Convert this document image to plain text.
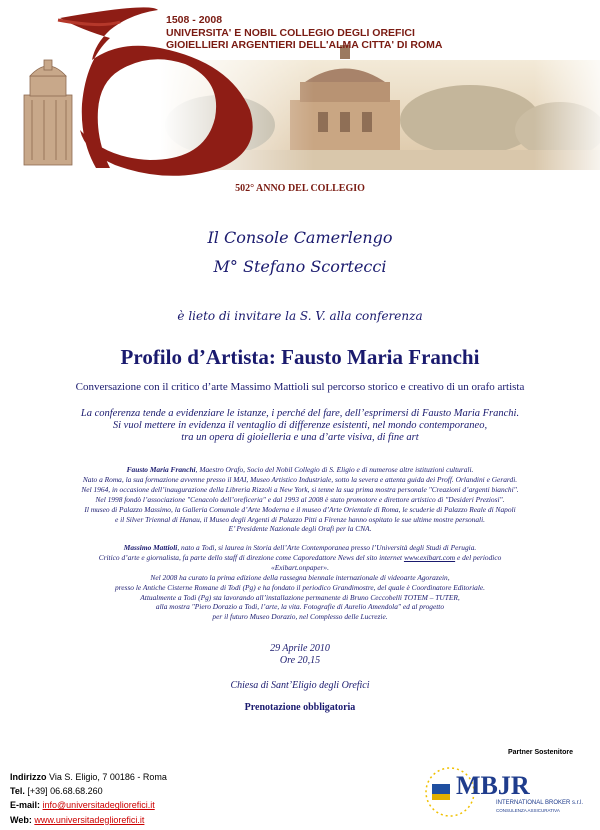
1508 - 2008
UNIVERSITA' E NOBIL COLLEGIO DEGLI OREFICI
GIOIELLIERI ARGENTIERI DELL'ALMA CITTA' DI ROMA
502° ANNO DEL COLLEGIO
Il Console Camerlengo
M° Stefano Scortecci
è lieto di invitare la S. V. alla conferenza
Profilo d’Artista: Fausto Maria Franchi
Conversazione con il critico d’arte Massimo Mattioli sul percorso storico e creativo di un orafo artista
La conferenza tende a evidenziare le istanze, i perché del fare, dell’esprimersi di Fausto Maria Franchi.
Si vuol mettere in evidenza il ventaglio di differenze esistenti, nel mondo contemporaneo,
tra un opera di gioielleria e una d’arte visiva, di fine art
Fausto Maria Franchi, Maestro Orafo, Socio del Nobil Collegio di S. Eligio e di numerose altre istituzioni culturali.
Nato a Roma, la sua formazione avvenne presso il MAI, Museo Artistico Industriale, sotto la severa e attenta guida dei Proff. Orlandini e Gerardi.
Nel 1964, in occasione dell’inaugurazione della Libreria Rizzoli a New York, si tenne la sua prima mostra personale "Creazioni d’argenti bianchi".
Nel 1998 fondò l’associazione "Cenacolo dell’oreficeria" e dal 1993 al 2008 è stato promotore e direttore artistico di "Desideri Preziosi".
Il museo di Palazzo Massimo, la Galleria Comunale d’Arte Moderna e il museo d’Arte Orientale di Roma, le scuderie di Palazzo Reale di Napoli
e il Silver Triennal di Hanau, il Museo degli Argenti di Palazzo Pitti a Firenze hanno ospitato le sue ultime mostre personali.
E’ Presidente Nazionale degli Orafi per la CNA.
Massimo Mattioli, nato a Todi, si laurea in Storia dell’Arte Contemporanea presso l’Università degli Studi di Perugia.
Critico d’arte e giornalista, fa parte dello staff di direzione come Caporedattore News del sito internet www.exibart.com e del periodico
«Exibart.onpaper».
Nel 2008 ha curato la prima edizione della rassegna biennale internazionale di videoarte Agorazein,
presso le Antiche Cisterne Romane di Todi (Pg) e ha fondato il periodico Grandimostre, del quale è Coordinatore Editoriale.
Attualmente a Todi (Pg) sta lavorando all’installazione permanente di Bruno Ceccobelli TOTEM – TUTER,
alla mostra "Piero Dorazio a Todi, l’arte, la vita. Fotografie di Aurelio Amendola" ed al progetto
per il futuro Museo Dorazio, nel Complesso delle Lucrezie.
29 Aprile 2010
Ore 20,15
Chiesa di Sant’Eligio degli Orefici
Prenotazione obbligatoria
Indirizzo Via S. Eligio, 7 00186 - Roma
Tel. [+39] 06.68.68.260
E-mail: info@universitadegliorefici.it
Web: www.universitadegliorefici.it
Partner Sostenitore
MBJR
INTERNATIONAL BROKER s.r.l.
CONSULENZA ASSICURATIVA
